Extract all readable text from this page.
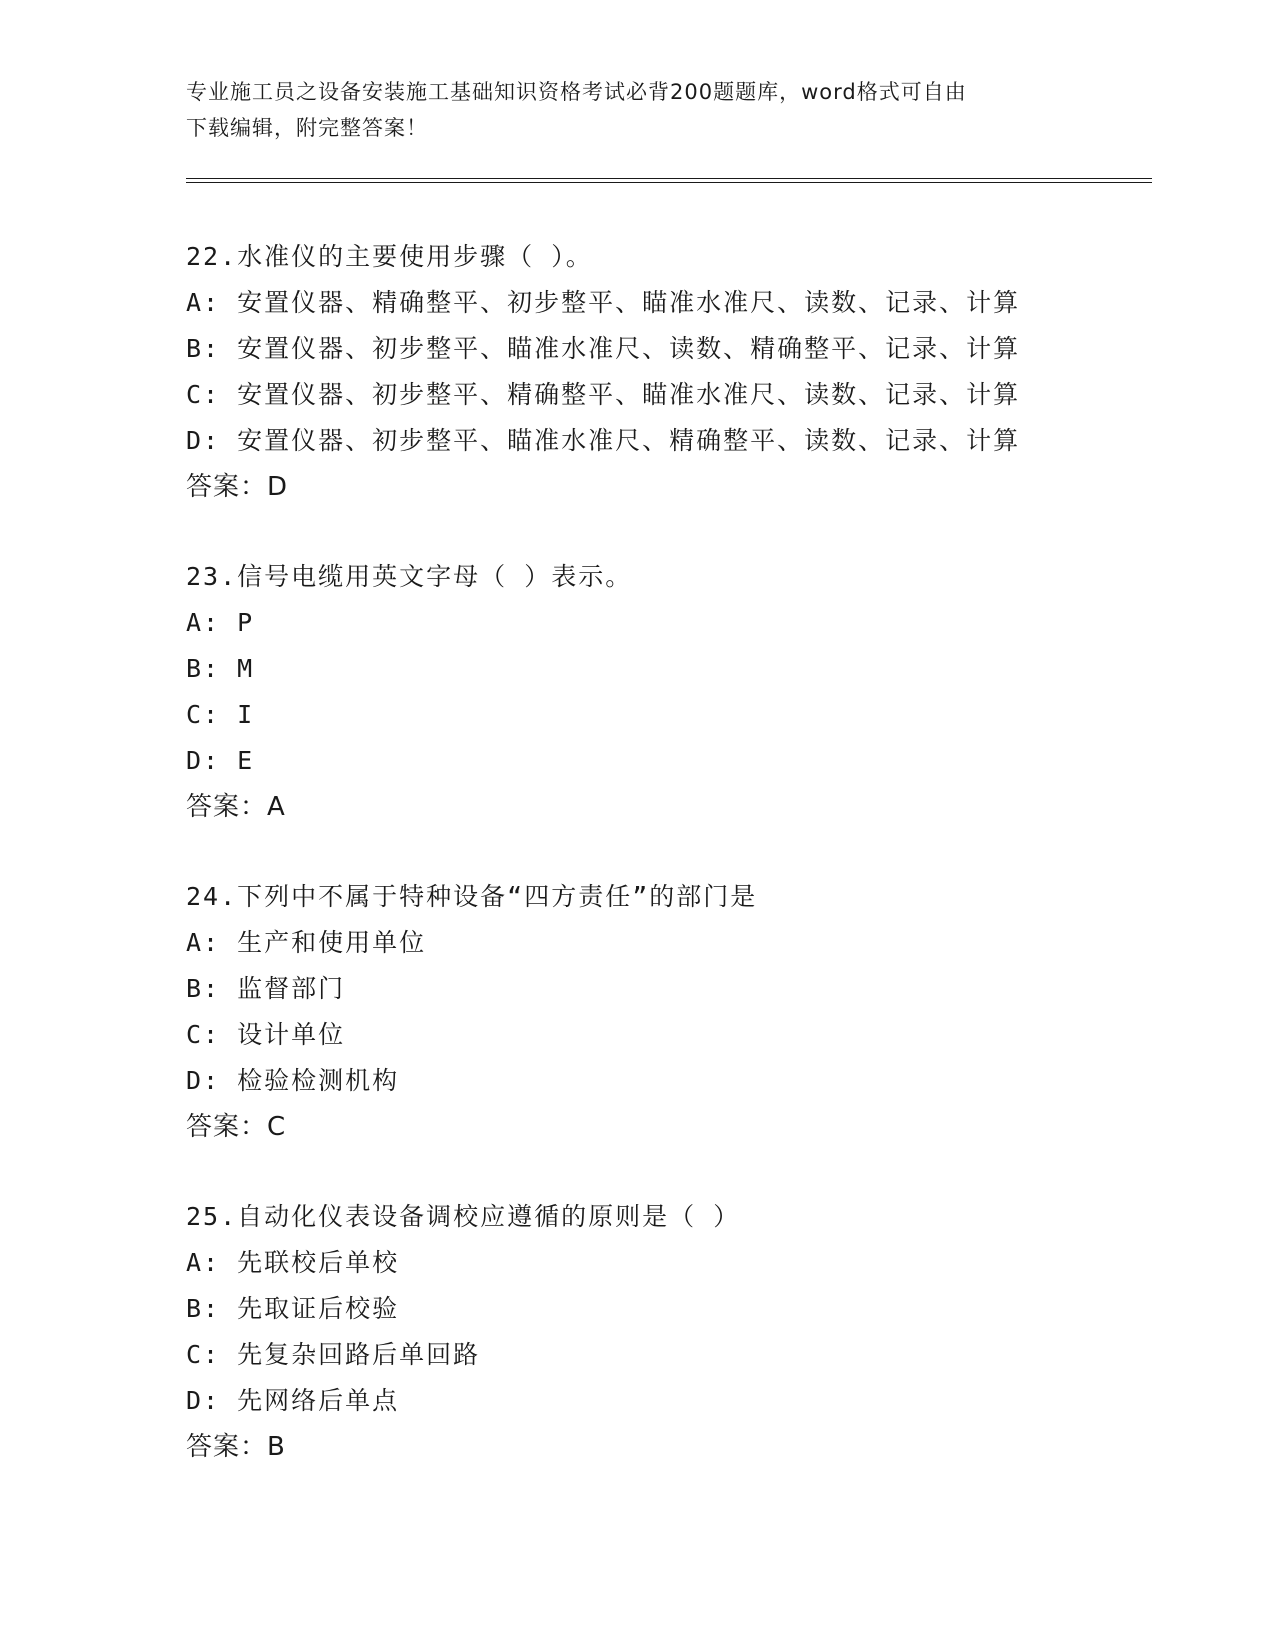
专业施工员之设备安装施工基础知识资格考试必背200题题库，word格式可自由
下载编辑，附完整答案！
22.水准仪的主要使用步骤（ ）。
A: 安置仪器、精确整平、初步整平、瞄准水准尺、读数、记录、计算
B: 安置仪器、初步整平、瞄准水准尺、读数、精确整平、记录、计算
C: 安置仪器、初步整平、精确整平、瞄准水准尺、读数、记录、计算
D: 安置仪器、初步整平、瞄准水准尺、精确整平、读数、记录、计算
答案：D
23.信号电缆用英文字母（ ）表示。
A: P
B: M
C: I
D: E
答案：A
24.下列中不属于特种设备“四方责任”的部门是
A: 生产和使用单位
B: 监督部门
C: 设计单位
D: 检验检测机构
答案：C
25.自动化仪表设备调校应遵循的原则是（ ）
A: 先联校后单校
B: 先取证后校验
C: 先复杂回路后单回路
D: 先网络后单点
答案：B
